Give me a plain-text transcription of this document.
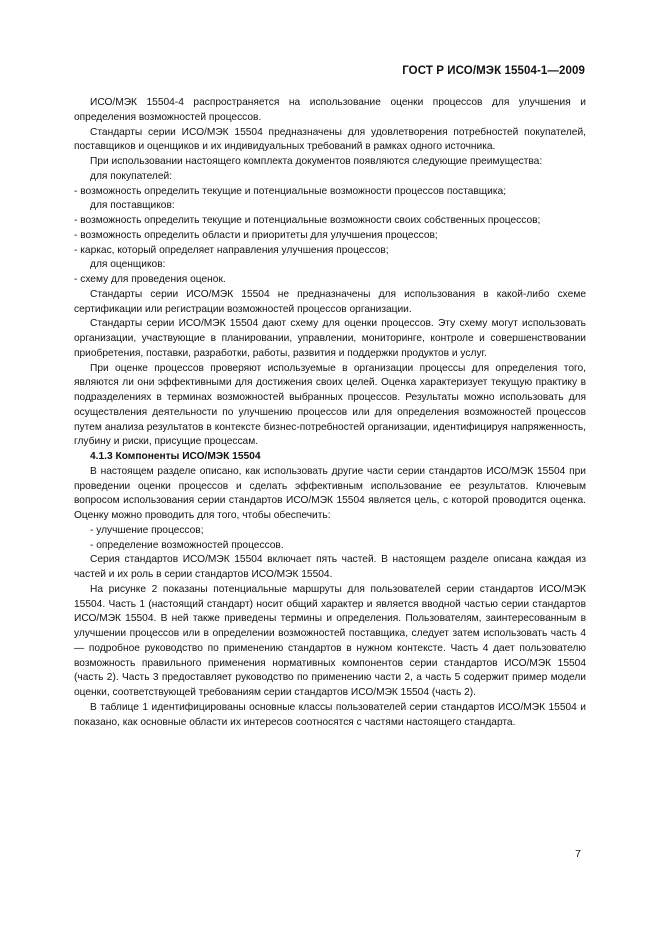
ГОСТ Р ИСО/МЭК 15504-1—2009

ИСО/МЭК 15504-4 распространяется на использование оценки процессов для улучшения и определения возможностей процессов.

Стандарты серии ИСО/МЭК 15504 предназначены для удовлетворения потребностей покупателей, поставщиков и оценщиков и их индивидуальных требований в рамках одного источника.

При использовании настоящего комплекта документов появляются следующие преимущества:

для покупателей:

- возможность определить текущие и потенциальные возможности процессов поставщика;

для поставщиков:

- возможность определить текущие и потенциальные возможности своих собственных процессов;

- возможность определить области и приоритеты для улучшения процессов;

- каркас, который определяет направления улучшения процессов;

для оценщиков:

- схему для проведения оценок.

Стандарты серии ИСО/МЭК 15504 не предназначены для использования в какой-либо схеме сертификации или регистрации возможностей процессов организации.

Стандарты серии ИСО/МЭК 15504 дают схему для оценки процессов. Эту схему могут использовать организации, участвующие в планировании, управлении, мониторинге, контроле и совершенствовании приобретения, поставки, разработки, работы, развития и поддержки продуктов и услуг.

При оценке процессов проверяют используемые в организации процессы для определения того, являются ли они эффективными для достижения своих целей. Оценка характеризует текущую практику в подразделениях в терминах возможностей выбранных процессов. Результаты можно использовать для осуществления деятельности по улучшению процессов или для определения возможностей процессов путем анализа результатов в контексте бизнес-потребностей организации, идентифицируя напряженность, глубину и риски, присущие процессам.

4.1.3 Компоненты ИСО/МЭК 15504

В настоящем разделе описано, как использовать другие части серии стандартов ИСО/МЭК 15504 при проведении оценки процессов и сделать эффективным использование ее результатов. Ключевым вопросом использования серии стандартов ИСО/МЭК 15504 является цель, с которой проводится оценка. Оценку можно проводить для того, чтобы обеспечить:

- улучшение процессов;

- определение возможностей процессов.

Серия стандартов ИСО/МЭК 15504 включает пять частей. В настоящем разделе описана каждая из частей и их роль в серии стандартов ИСО/МЭК 15504.

На рисунке 2 показаны потенциальные маршруты для пользователей серии стандартов ИСО/МЭК 15504. Часть 1 (настоящий стандарт) носит общий характер и является вводной частью серии стандартов ИСО/МЭК 15504. В ней также приведены термины и определения. Пользователям, заинтересованным в улучшении процессов или в определении возможностей поставщика, следует затем использовать часть 4 — подробное руководство по применению стандартов в нужном контексте. Часть 4 дает пользователю возможность правильного применения нормативных компонентов серии стандартов ИСО/МЭК 15504 (часть 2). Часть 3 предоставляет руководство по применению части 2, а часть 5 содержит пример модели оценки, соответствующей требованиям серии стандартов ИСО/МЭК 15504 (часть 2).

В таблице 1 идентифицированы основные классы пользователей серии стандартов ИСО/МЭК 15504 и показано, как основные области их интересов соотносятся с частями настоящего стандарта.

7
